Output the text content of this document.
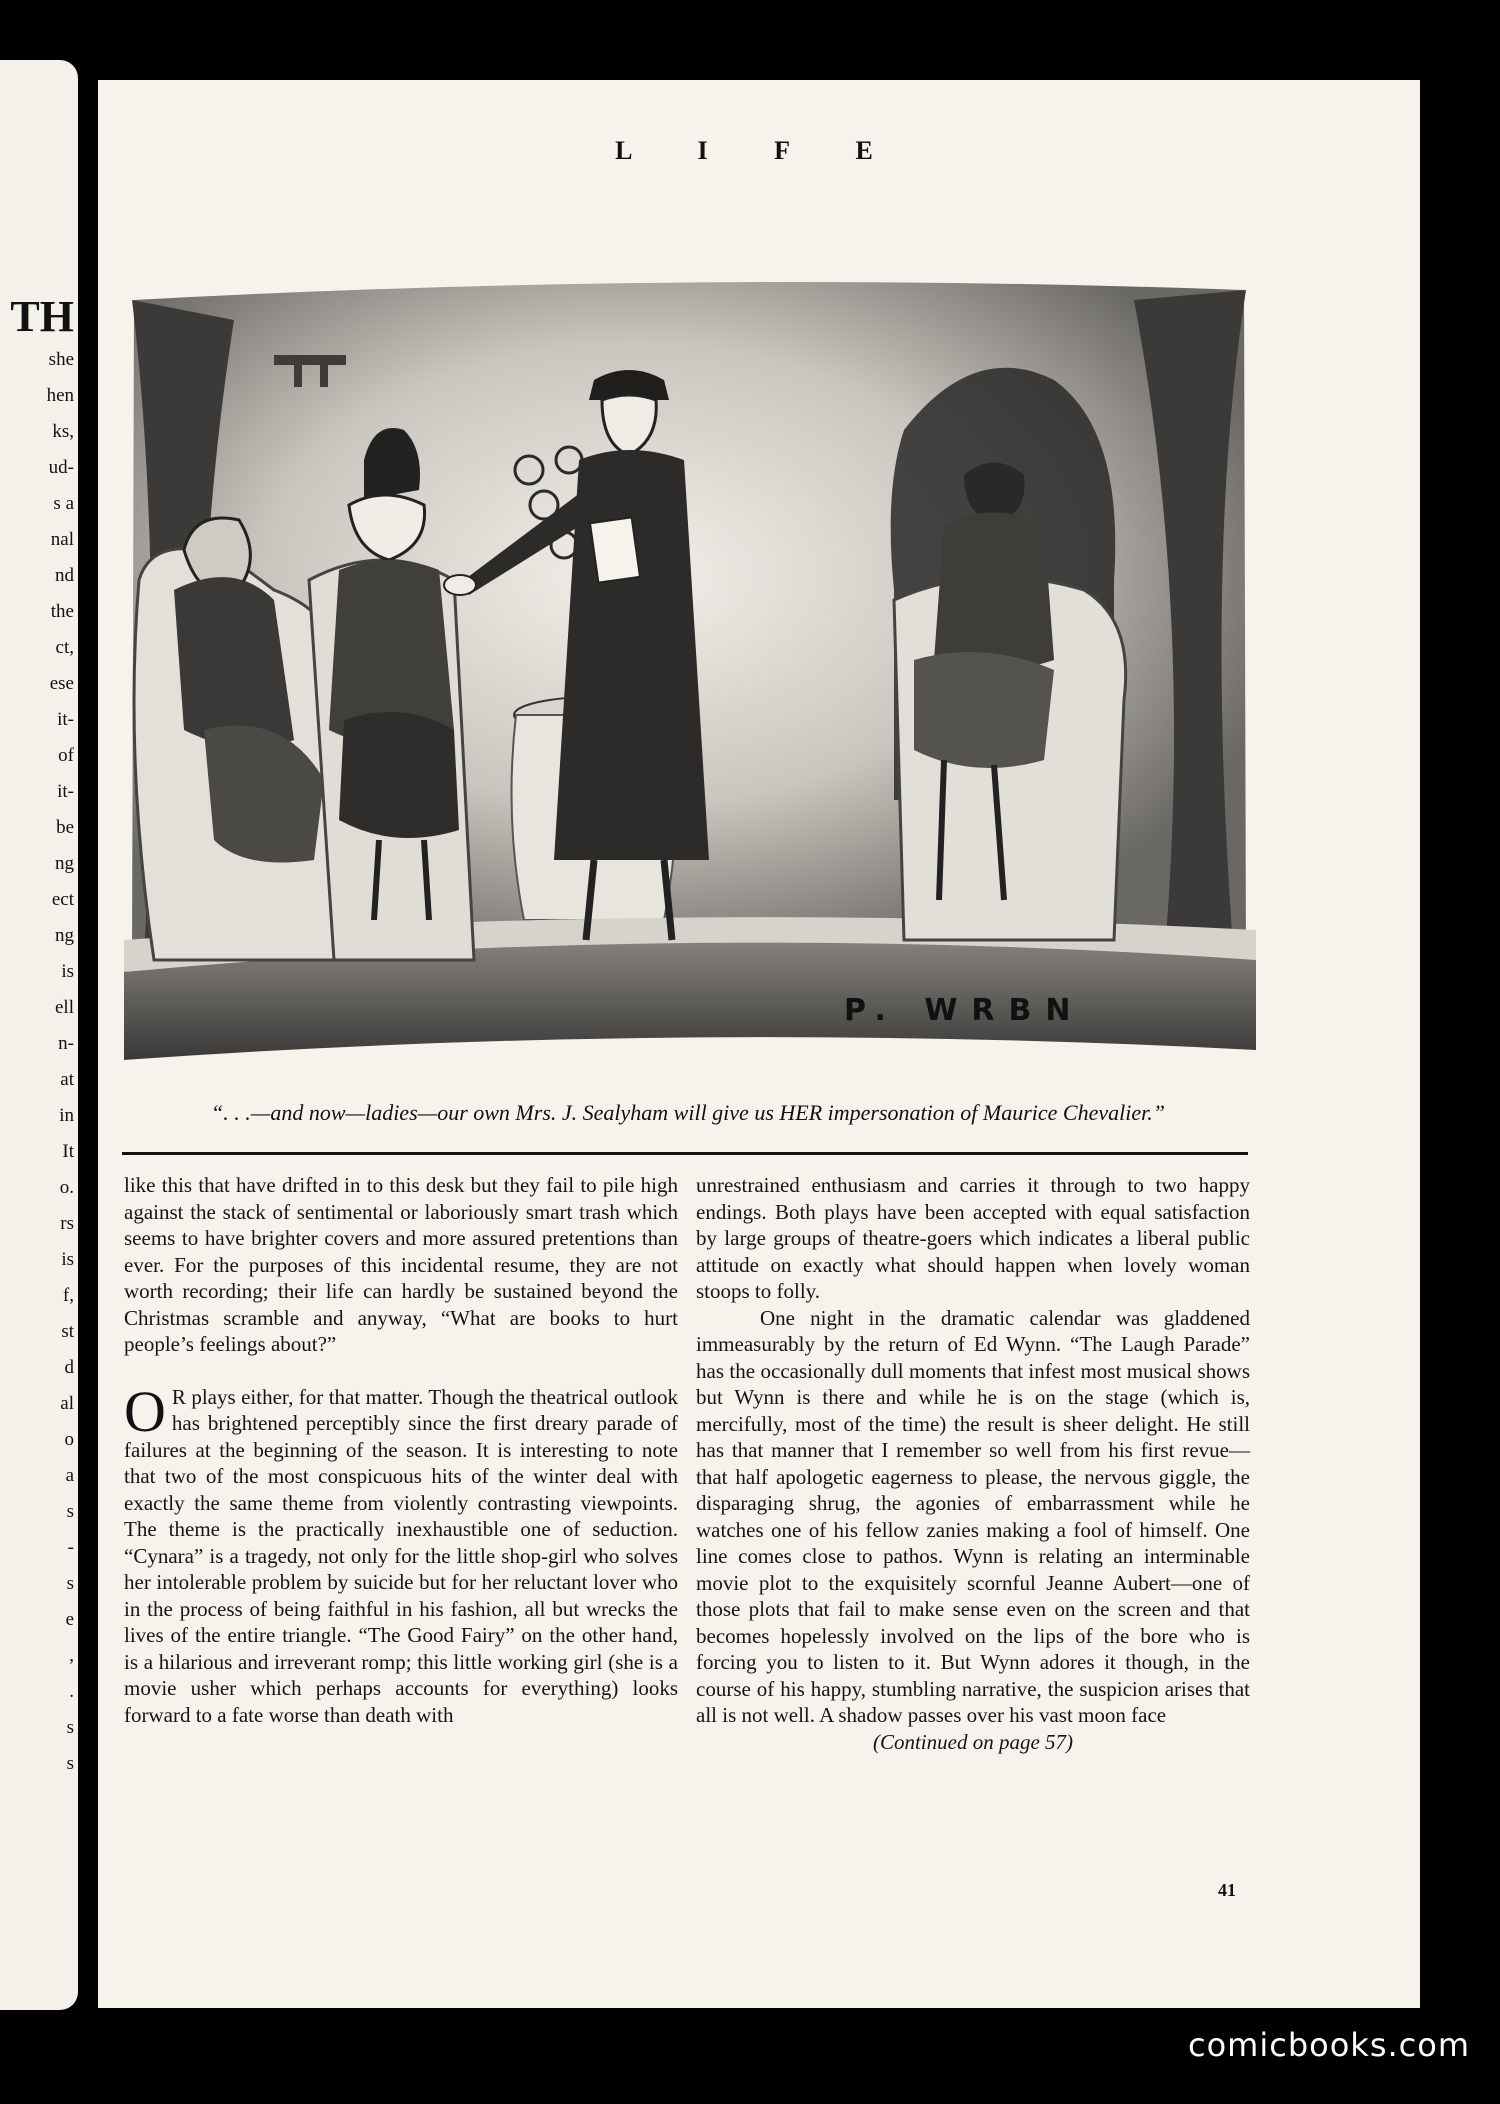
TH
she
hen
ks,
ud-
s a
nal
nd
the
ct,
ese
it-
of
it-
be
ng
ect
ng
is
ell
n-
at
in
It
o.
rs
is
f,
st
d
al
o
a
s
-
s
e
,
.
s
s
L I F E
P. WRBN
“. . .—and now—ladies—our own Mrs. J. Sealyham will give us HER impersonation of Maurice Chevalier.”

like this that have drifted in to this desk but they fail to pile high against the stack of sentimental or laboriously smart trash which seems to have brighter covers and more assured pretentions than ever. For the purposes of this incidental resume, they are not worth recording; their life can hardly be sustained beyond the Christmas scramble and anyway, “What are books to hurt people’s feelings about?”

O R plays either, for that matter. Though the theatrical outlook has brightened perceptibly since the first dreary parade of failures at the beginning of the season. It is interesting to note that two of the most conspicuous hits of the winter deal with exactly the same theme from violently contrasting viewpoints. The theme is the practically inexhaustible one of seduction. “Cynara” is a tragedy, not only for the little shop-girl who solves her intolerable problem by suicide but for her reluctant lover who in the process of being faithful in his fashion, all but wrecks the lives of the entire triangle. “The Good Fairy” on the other hand, is a hilarious and irreverant romp; this little working girl (she is a movie usher which perhaps accounts for everything) looks forward to a fate worse than death with

unrestrained enthusiasm and carries it through to two happy endings. Both plays have been accepted with equal satisfaction by large groups of theatre-goers which indicates a liberal public attitude on exactly what should happen when lovely woman stoops to folly.

One night in the dramatic calendar was gladdened immeasurably by the return of Ed Wynn. “The Laugh Parade” has the occasionally dull moments that infest most musical shows but Wynn is there and while he is on the stage (which is, mercifully, most of the time) the result is sheer delight. He still has that manner that I remember so well from his first revue—that half apologetic eagerness to please, the nervous giggle, the disparaging shrug, the agonies of embarrassment while he watches one of his fellow zanies making a fool of himself. One line comes close to pathos. Wynn is relating an interminable movie plot to the exquisitely scornful Jeanne Aubert—one of those plots that fail to make sense even on the screen and that becomes hopelessly involved on the lips of the bore who is forcing you to listen to it. But Wynn adores it though, in the course of his happy, stumbling narrative, the suspicion arises that all is not well. A shadow passes over his vast moon face

(Continued on page 57)

41
comicbooks.com
